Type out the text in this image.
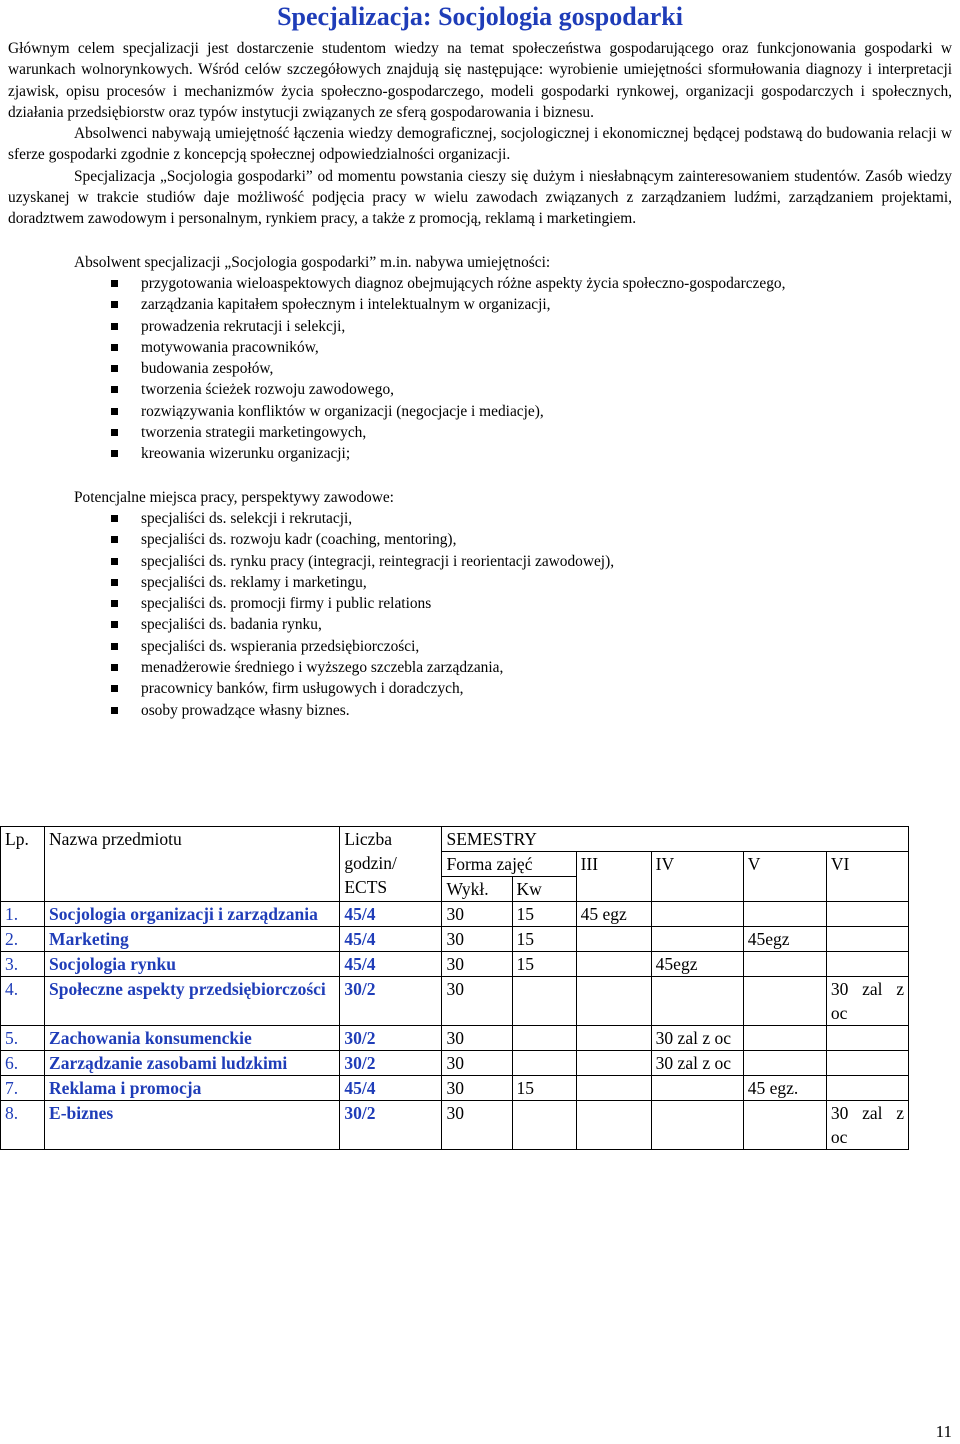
Specjalizacja: Socjologia gospodarki

Głównym celem specjalizacji jest dostarczenie studentom wiedzy na temat społeczeństwa gospodarującego oraz funkcjonowania gospodarki w warunkach wolnorynkowych. Wśród celów szczegółowych znajdują się następujące: wyrobienie umiejętności sformułowania diagnozy i interpretacji zjawisk, opisu procesów i mechanizmów życia społeczno-gospodarczego, modeli gospodarki rynkowej, organizacji gospodarczych i społecznych, działania przedsiębiorstw oraz typów instytucji związanych ze sferą gospodarowania i biznesu.

Absolwenci nabywają umiejętność łączenia wiedzy demograficznej, socjologicznej i ekonomicznej będącej podstawą do budowania relacji w sferze gospodarki zgodnie z koncepcją społecznej odpowiedzialności organizacji.

Specjalizacja „Socjologia gospodarki” od momentu powstania cieszy się dużym i niesłabnącym zainteresowaniem studentów. Zasób wiedzy uzyskanej w trakcie studiów daje możliwość podjęcia pracy w wielu zawodach związanych z zarządzaniem ludźmi, zarządzaniem projektami, doradztwem zawodowym i personalnym, rynkiem pracy, a także z promocją, reklamą i marketingiem.

Absolwent specjalizacji „Socjologia gospodarki” m.in. nabywa umiejętności:

przygotowania wieloaspektowych diagnoz obejmujących różne aspekty życia społeczno-gospodarczego,
zarządzania kapitałem społecznym i intelektualnym w organizacji,
prowadzenia rekrutacji i selekcji,
motywowania pracowników,
budowania zespołów,
tworzenia ścieżek rozwoju zawodowego,
rozwiązywania konfliktów w organizacji (negocjacje i mediacje),
tworzenia strategii marketingowych,
kreowania wizerunku organizacji;

Potencjalne miejsca pracy, perspektywy zawodowe:

specjaliści ds. selekcji i rekrutacji,
specjaliści ds. rozwoju kadr (coaching, mentoring),
specjaliści ds. rynku pracy (integracji, reintegracji i reorientacji zawodowej),
specjaliści ds. reklamy i marketingu,
specjaliści ds. promocji firmy i public relations
specjaliści ds. badania rynku,
specjaliści ds. wspierania przedsiębiorczości,
menadżerowie średniego i wyższego szczebla zarządzania,
pracownicy banków, firm usługowych i doradczych,
osoby prowadzące własny biznes.
Lp.	Nazwa przedmiotu	Liczba godzin/ ECTS	SEMESTRY					
			Forma zajęć		III	IV	V	VI
			Wykł.	Kw				
1.	Socjologia organizacji i zarządzania	45/4	30	15	45 egz			
2.	Marketing	45/4	30	15			45egz	
3.	Socjologia rynku	45/4	30	15		45egz		
4.	Społeczne aspekty przedsiębiorczości	30/2	30					30 zal z oc
5.	Zachowania konsumenckie	30/2	30			30 zal z oc		
6.	Zarządzanie zasobami ludzkimi	30/2	30			30 zal z oc		
7.	Reklama i promocja	45/4	30	15			45 egz.	
8.	E-biznes	30/2	30					30 zal z oc
11
